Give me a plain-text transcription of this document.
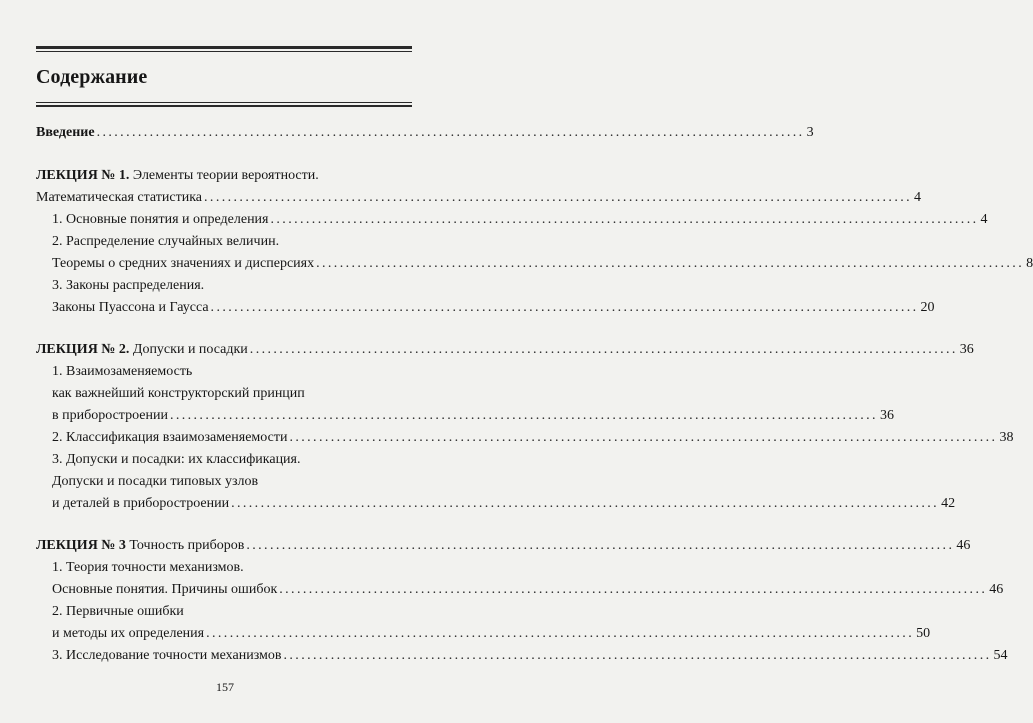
Содержание
Введение ........................................................................................................................ 3
ЛЕКЦИЯ № 1. Элементы теории вероятности.
Математическая статистика ........................................................................................................................ 4
1. Основные понятия и определения ........................................................................................................................ 4
2. Распределение случайных величин.
Теоремы о средних значениях и дисперсиях ........................................................................................................................ 8
3. Законы распределения.
Законы Пуассона и Гаусса ........................................................................................................................ 20
ЛЕКЦИЯ № 2. Допуски и посадки ........................................................................................................................ 36
1. Взаимозаменяемость
как важнейший конструкторский принцип
в приборостроении ........................................................................................................................ 36
2. Классификация взаимозаменяемости ........................................................................................................................ 38
3. Допуски и посадки: их классификация.
Допуски и посадки типовых узлов
и деталей в приборостроении ........................................................................................................................ 42
ЛЕКЦИЯ № 3 Точность приборов ........................................................................................................................ 46
1. Теория точности механизмов.
Основные понятия. Причины ошибок ........................................................................................................................ 46
2. Первичные ошибки
и методы их определения ........................................................................................................................ 50
3. Исследование точности механизмов ........................................................................................................................ 54
157
